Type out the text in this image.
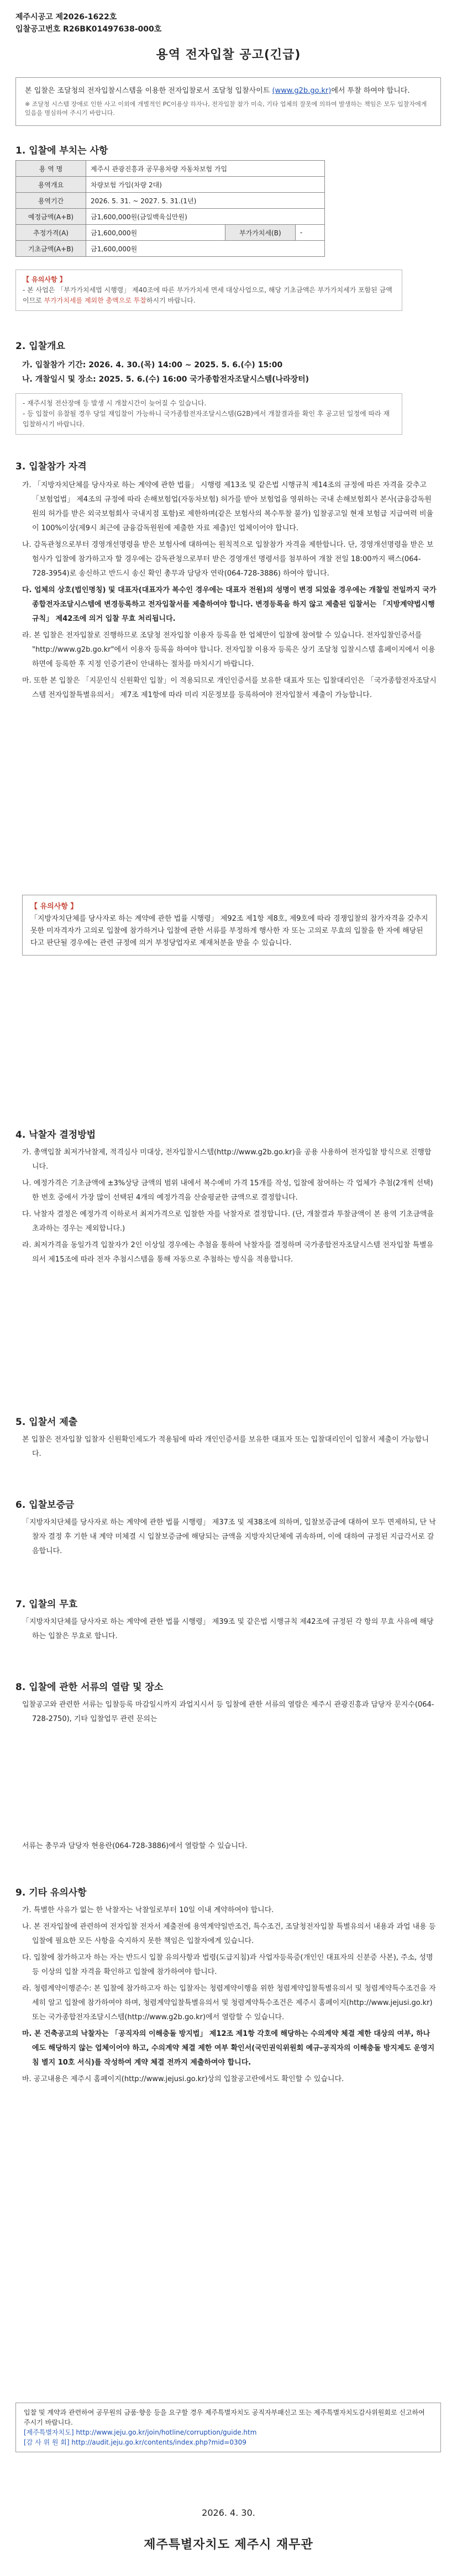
제주시공고 제2026-1622호
입찰공고번호 R26BK01497638-000호
용역 전자입찰 공고(긴급)
본 입찰은 조달청의 전자입찰시스템을 이용한 전자입찰로서 조달청 입찰사이트 (www.g2b.go.kr)에서 투찰 하여야 합니다.
※ 조달청 시스템 장애로 인한 사고 이외에 개별적인 PC이용상 하자나, 전자입찰 참가 미숙, 기타 업체의 잘못에 의하여 발생하는 책임은 모두 입찰자에게 있음을 명심하여 주시기 바랍니다.
1. 입찰에 부치는 사항
용 역 명	제주시 관광진흥과 공무용차량 자동차보험 가입		
용역개요	차량보험 가입(차량 2대)		
용역기간	2026. 5. 31. ~ 2027. 5. 31.(1년)		
예정금액(A+B)	금1,600,000원(금일백육십만원)		
추정가격(A)	금1,600,000원	부가가치세(B)	-
기초금액(A+B)	금1,600,000원		
【 유의사항 】
- 본 사업은 「부가가치세법 시행령」 제40조에 따른 부가가치세 면세 대상사업으로, 해당 기초금액은 부가가치세가 포함된 금액이므로 부가가치세를 제외한 총액으로 투찰하시기 바랍니다.
2. 입찰개요
가. 입찰참가 기간: 2026. 4. 30.(목) 14:00 ~ 2025. 5. 6.(수) 15:00
나. 개찰일시 및 장소: 2025. 5. 6.(수) 16:00 국가종합전자조달시스템(나라장터)
- 재주시청 전산장애 등 발생 시 개찰시간이 늦어질 수 있습니다.
- 등 입찰이 유찰될 경우 당일 재입찰이 가능하니 국가종합전자조달시스템(G2B)에서 개찰결과를 확인 후 공고된 일정에 따라 재입찰하시기 바랍니다.
3. 입찰참가 자격

가. 「지방자치단체를 당사자로 하는 계약에 관한 법률」 시행령 제13조 및 같은법 시행규칙 제14조의 규정에 따른 자격을 갖추고 「보험업법」 제4조의 규정에 따라 손해보험업(자동차보험) 허가를 받아 보험업을 영위하는 국내 손해보험회사 본사(금융감독원원의 허가를 받은 외국보험회사 국내지점 포함)로 제한하며(같은 보험사의 복수투찰 불가) 입찰공고일 현재 보험급 지급여력 비율이 100%이상(제9시 최근에 금융감독원원에 제출한 자료 제출)인 업체이어야 합니다.

나. 감독관청으로부터 경영개선명령을 받은 보험사에 대하여는 원칙적으로 입찰참가 자격을 제한합니다. 단, 경영개선명령을 받은 보험사가 입찰에 참가하고자 할 경우에는 감독관청으로부터 받은 경영개선 명령서를 첨부하여 개찰 전일 18:00까지 팩스(064-728-3954)로 송신하고 반드시 송신 확인 총무과 담당자 연락(064-728-3886) 하여야 합니다.

다. 업체의 상호(법인명칭) 및 대표자(대표자가 복수인 경우에는 대표자 전원)의 성명이 변경 되었을 경우에는 개찰일 전일까지 국가종합전자조달시스템에 변경등록하고 전자입찰서를 제출하여야 합니다. 변경등록을 하지 않고 제출된 입찰서는 「지방계약법시행규칙」 제42조에 의거 입찰 무효 처리됩니다.

라. 본 입찰은 전자입찰로 진행하므로 조달청 전자입찰 이용자 등록을 한 업체만이 입찰에 참여할 수 있습니다. 전자입찰인증서를 "http://www.g2b.go.kr"에서 이용자 등록을 하여야 합니다. 전자입찰 이용자 등록은 상기 조달청 입찰시스템 홈페이지에서 이용하면에 등록한 후 지정 인증기관이 안내하는 절차를 마치시기 바랍니다.

마. 또한 본 입찰은 「지문인식 신원확인 입찰」이 적용되므로 개인인증서를 보유한 대표자 또는 입찰대리인은 「국가종합전자조달시스템 전자입찰특별유의서」 제7조 제1항에 따라 미리 지문정보를 등록하여야 전자입찰서 제출이 가능합니다.

【 유의사항 】
「지방자치단체를 당사자로 하는 계약에 관한 법률 시행령」 제92조 제1항 제8호, 제9호에 따라 경쟁입찰의 참가자격을 갖추지 못한 미자격자가 고의로 입찰에 참가하거나 입찰에 관한 서류를 부정하게 행사한 자 또는 고의로 무효의 입찰을 한 자에 해당된다고 판단될 경우에는 관련 규정에 의거 부정당업자로 제재처분을 받을 수 있습니다.
4. 낙찰자 결정방법

가. 총액입찰 최저가낙찰제, 적격심사 미대상, 전자입찰시스템(http://www.g2b.go.kr)을 공용 사용하여 전자입찰 방식으로 진행합니다.

나. 예정가격은 기초금액에 ±3%상당 금액의 범위 내에서 복수예비 가격 15개를 작성, 입찰에 참여하는 각 업체가 추첨(2개씩 선택)한 번호 중에서 가장 많이 선택된 4개의 예정가격을 산술평균한 금액으로 결정합니다.

다. 낙찰자 결정은 예정가격 이하로서 최저가격으로 입찰한 자를 낙찰자로 결정합니다. (단, 개찰결과 투찰금액이 본 용역 기초금액을 초과하는 경우는 제외합니다.)

라. 최저가격을 동일가격 입찰자가 2인 이상일 경우에는 추첨을 통하여 낙찰자를 결정하며 국가종합전자조달시스템 전자입찰 특별유의서 제15조에 따라 전자 추첨시스템을 통해 자동으로 추첨하는 방식을 적용합니다.

5. 입찰서 제출

본 입찰은 전자입찰 입찰자 신원확인제도가 적용됨에 따라 개인인증서를 보유한 대표자 또는 입찰대리인이 입찰서 제출이 가능합니다.

6. 입찰보증금

「지방자치단체를 당사자로 하는 계약에 관한 법률 시행령」 제37조 및 제38조에 의하며, 입찰보증금에 대하여 모두 면제하되, 단 낙찰자 결정 후 기한 내 계약 미체결 시 입찰보증금에 해당되는 금액을 지방자치단체에 귀속하며, 이에 대하여 규정된 지급각서로 갈음합니다.

7. 입찰의 무효

「지방자치단체를 당사자로 하는 계약에 관한 법률 시행령」 제39조 및 같은법 시행규칙 제42조에 규정된 각 항의 무효 사유에 해당하는 입찰은 무효로 합니다.

8. 입찰에 관한 서류의 열람 및 장소

입찰공고와 관련한 서류는 입찰등록 마감일시까지 과업지시서 등 입찰에 관한 서류의 열람은 제주시 관광진흥과 담당자 문지수(064-728-2750), 기타 입찰업무 관련 문의는

서류는 총무과 담당자 현용란(064-728-3886)에서 열람할 수 있습니다.

9. 기타 유의사항

가. 특별한 사유가 없는 한 낙찰자는 낙찰일로부터 10일 이내 계약하여야 합니다.

나. 본 전자입찰에 관련하여 전자입찰 전자서 제출전에 용역계약일반조건, 특수조건, 조달청전자입찰 특별유의서 내용과 과업 내용 등 입찰에 필요한 모든 사항을 숙지하지 못한 책임은 입찰자에게 있습니다.

다. 입찰에 참가하고자 하는 자는 반드시 입찰 유의사항과 법령(도급지침)과 사업자등록증(개인인 대표자의 신분증 사본), 주소, 성명 등 이상의 입찰 자격을 확인하고 입찰에 참가하여야 합니다.

라. 청렴계약이행준수: 본 입찰에 참가하고자 하는 입찰자는 청렴계약이행을 위한 청렴계약입찰특별유의서 및 청렴계약특수조건을 자세히 알고 입찰에 참가하여야 하며, 청렴계약입찰특별유의서 및 청렴계약특수조건은 제주시 홈페이지(http://www.jejusi.go.kr) 또는 국가종합전자조달시스템(http://www.g2b.go.kr)에서 열람할 수 있습니다.

마. 본 건축공고의 낙찰자는 「공직자의 이해충돌 방지법」 제12조 제1항 각호에 해당하는 수의계약 체결 제한 대상의 여부, 하나에도 해당하지 않는 업체이어야 하고, 수의계약 체결 제한 여부 확인서(국민권익위원회 예규-공직자의 이해충돌 방지제도 운영지침 별지 10호 서식)를 작성하여 계약 체결 전까지 제출하여야 합니다.

바. 공고내용은 제주시 홈페이지(http://www.jejusi.go.kr)상의 입찰공고란에서도 확인할 수 있습니다.

입찰 및 계약과 관련하여 공무원의 금품·향응 등을 요구할 경우 제주특별자치도 공직자부패신고 또는 제주특별자치도감사위원회로 신고하여 주시기 바랍니다.
[제주특별자치도] http://www.jeju.go.kr/join/hotline/corruption/guide.htm
[감 사 위 원 회] http://audit.jeju.go.kr/contents/index.php?mid=0309
2026. 4. 30.
제주특별자치도 제주시 재무관
